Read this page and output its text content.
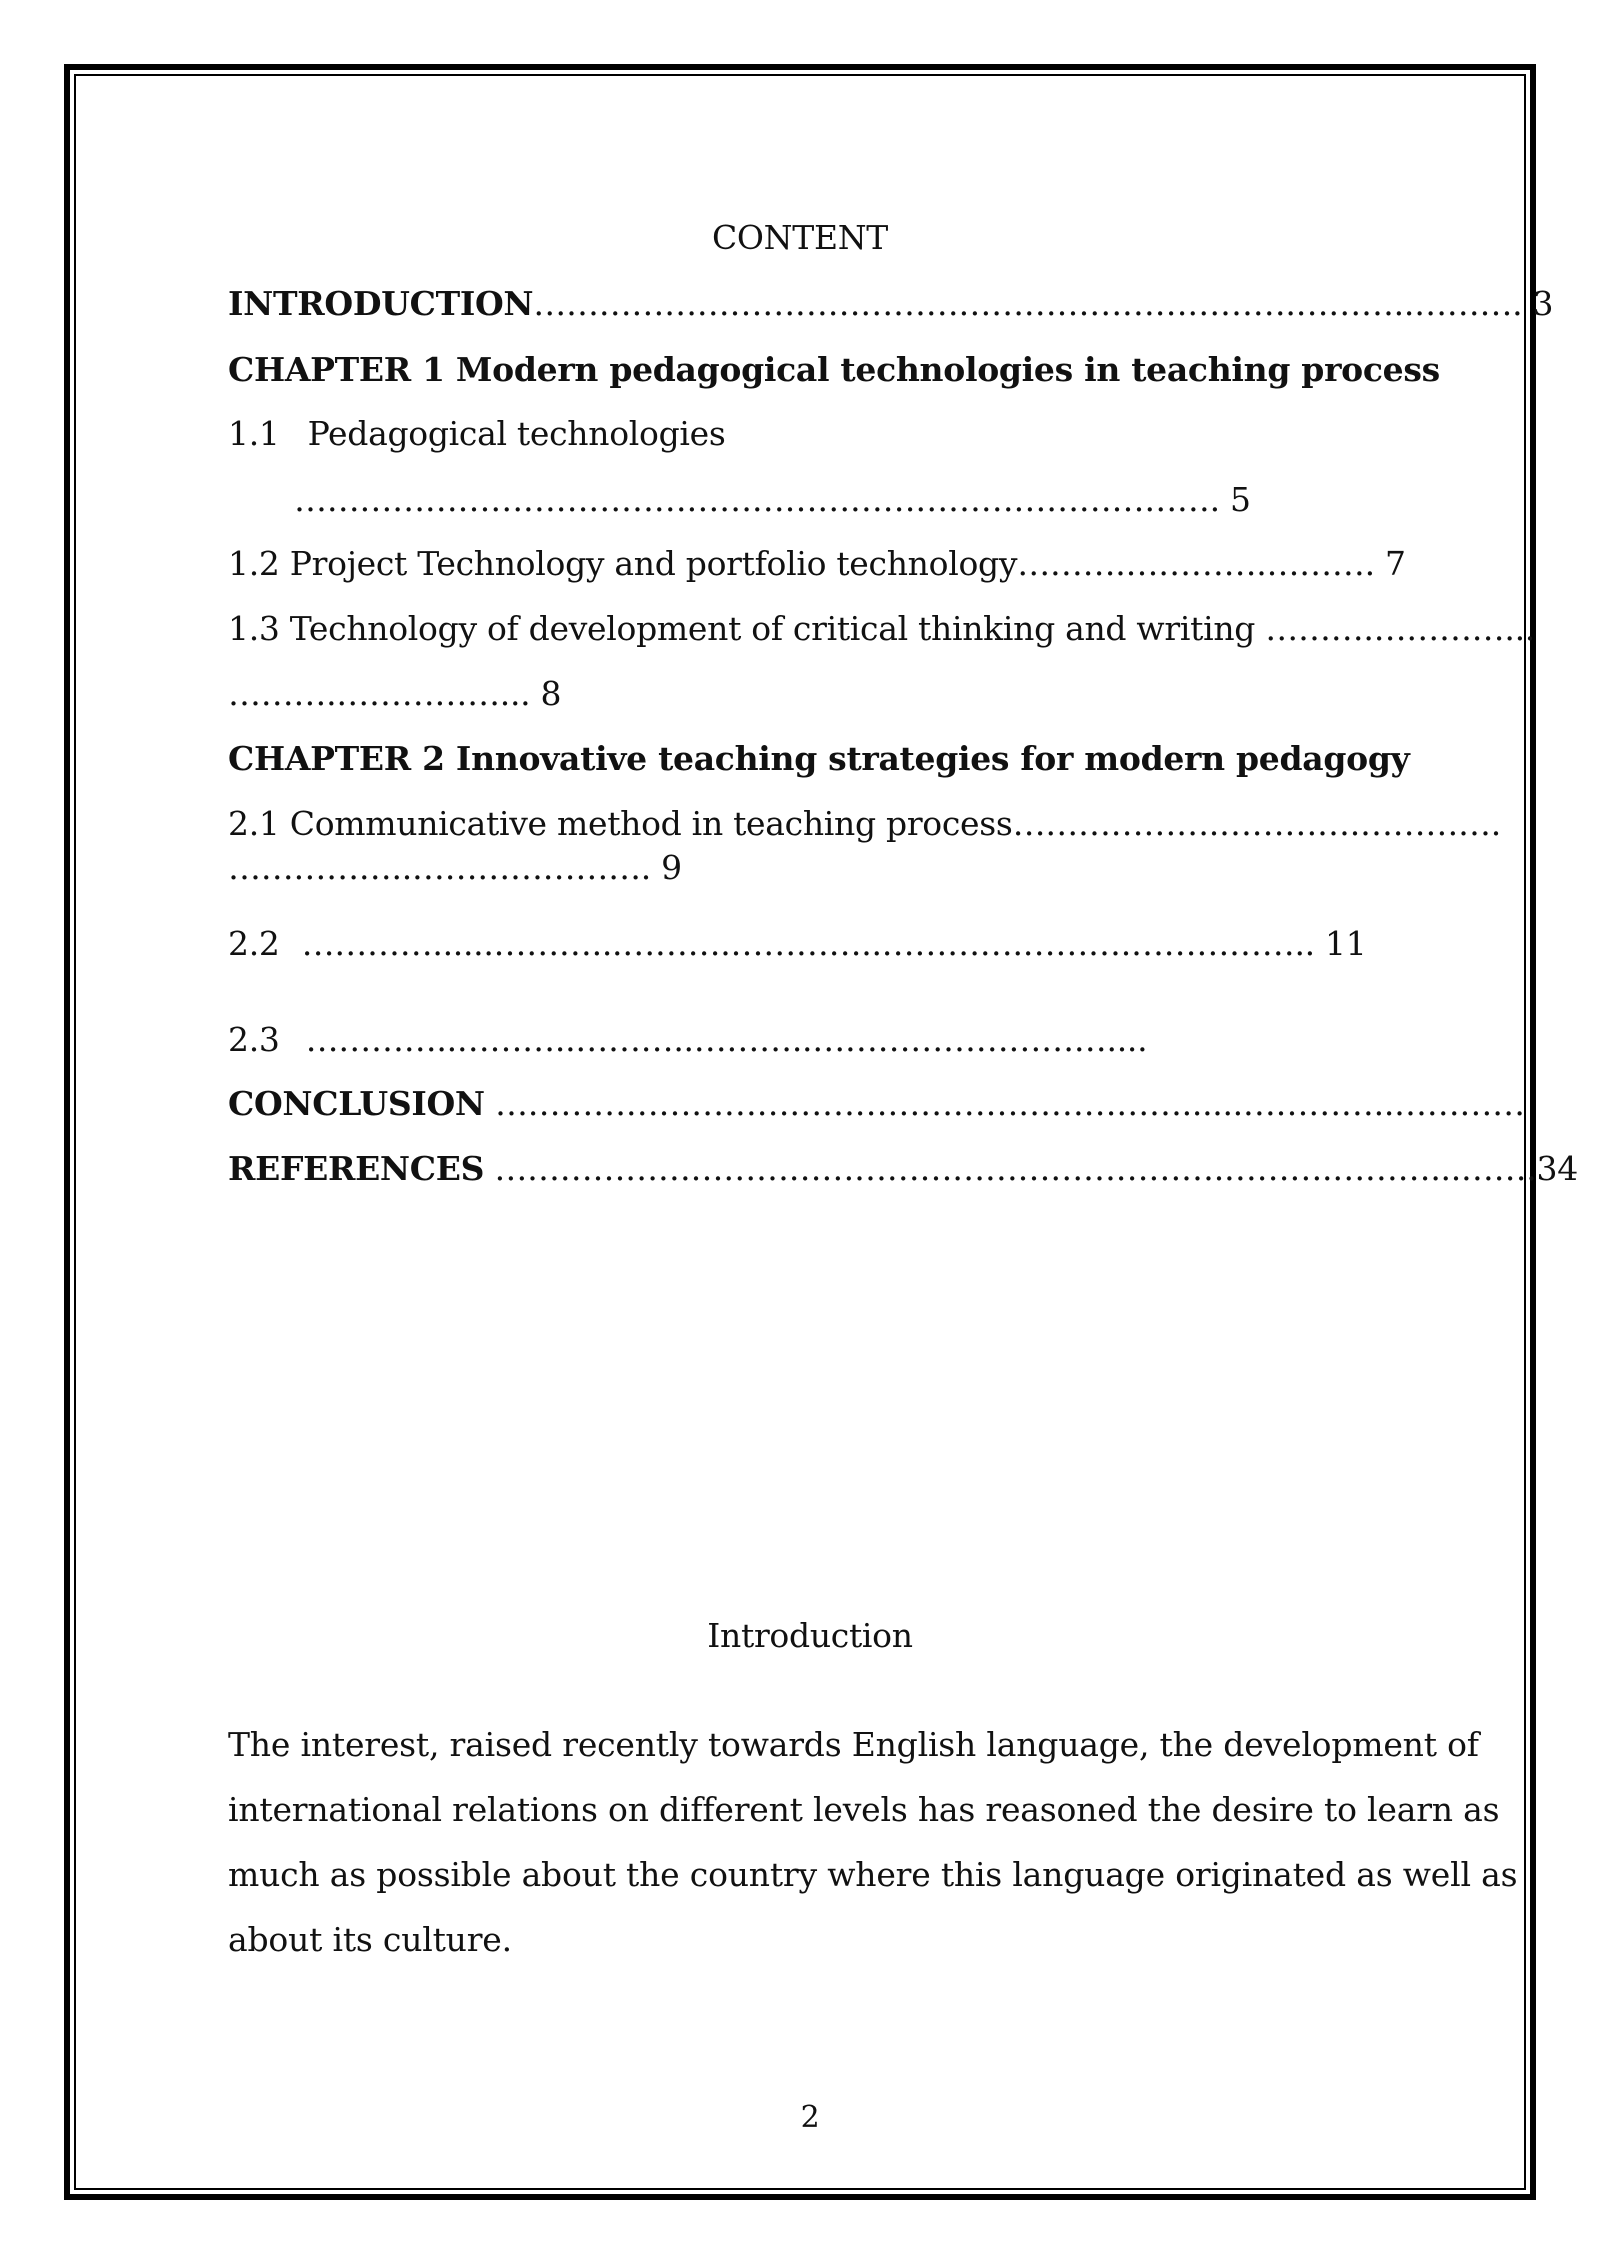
CONTENT
INTRODUCTION…………………………………………………………….………..………. 3
CHAPTER 1 Modern pedagogical technologies in teaching process
1.1 Pedagogical technologies
…………………………………………………………………………. 5
1.2 Project Technology and portfolio technology……….………….………. 7
1.3 Technology of development of critical thinking and writing ……….…………...
……….……………... 8
CHAPTER 2 Innovative teaching strategies for modern pedagogy
2.1 Communicative method in teaching process……………….………….………….
……………..…………………. 9
2.2 …………......………...……….…………..………….……….…………….. 11
2.3 …………..………..………..………..………………………....
CONCLUSION ………………………………………………………......…………..…………
REFERENCES ………………………………………………………….……….………...…….34
Introduction
The interest, raised recently towards English language, the development of
international relations on different levels has reasoned the desire to learn as
much as possible about the country where this language originated as well as
about its culture.
2
